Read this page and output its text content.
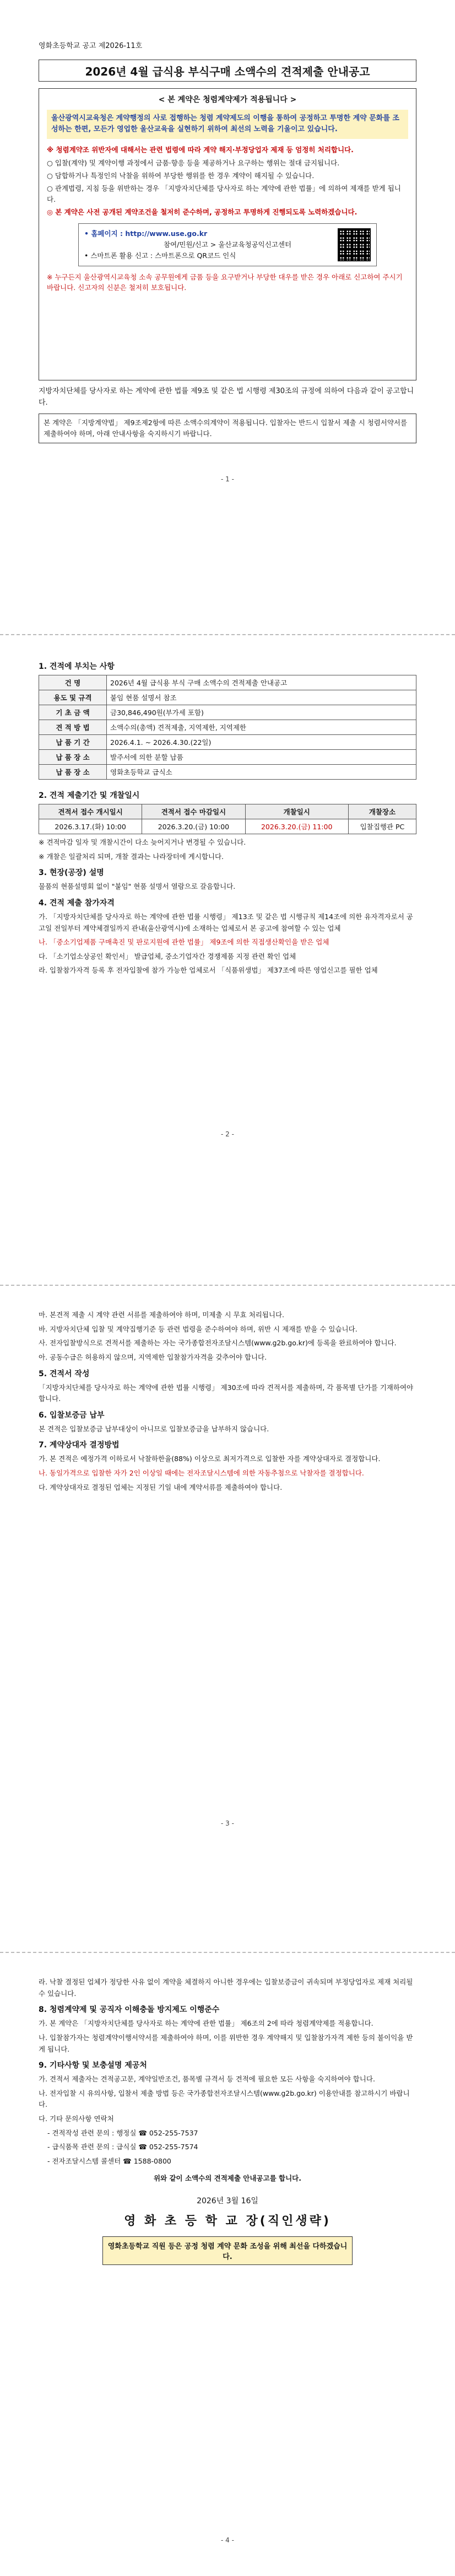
영화초등학교 공고 제2026-11호
2026년 4월 급식용 부식구매 소액수의 견적제출 안내공고
< 본 계약은 청렴계약제가 적용됩니다 >
울산광역시교육청은 계약행정의 사로 접행하는 청렴 계약제도의 이행을 통하여 공정하고 투명한 계약 문화를 조성하는 한편, 모든가 영업한 울산교육을 실현하기 위하여 최선의 노력을 기울이고 있습니다.
※ 청렴계약조 위반자에 대해서는 관련 법령에 따라 계약 해지·부정당업자 제재 등 엄정히 처리합니다.
○ 입찰(계약) 및 계약이행 과정에서 금품·향응 등을 제공하거나 요구하는 행위는 절대 금지됩니다.
○ 담합하거나 특정인의 낙찰을 위하여 부당한 행위를 한 경우 계약이 해지될 수 있습니다.
○ 관계법령, 지침 등을 위반하는 경우 「지방자치단체를 당사자로 하는 계약에 관한 법률」에 의하여 제재를 받게 됩니다.
◎ 본 계약은 사전 공개된 계약조건을 철저히 준수하며, 공정하고 투명하게 진행되도록 노력하겠습니다.
• 홈페이지 : http://www.use.go.kr
참여/민원/신고 > 울산교육청공익신고센터
• 스마트폰 활용 신고 : 스마트폰으로 QR코드 인식
※ 누구든지 울산광역시교육청 소속 공무원에게 금품 등을 요구받거나 부당한 대우를 받은 경우 아래로 신고하여 주시기 바랍니다. 신고자의 신분은 철저히 보호됩니다.
지방자치단체를 당사자로 하는 계약에 관한 법률 제9조 및 같은 법 시행령 제30조의 규정에 의하여 다음과 같이 공고합니다.
본 계약은 「지방계약법」 제9조제2항에 따른 소액수의계약이 적용됩니다. 입찰자는 반드시 입찰서 제출 시 청렴서약서를 제출하여야 하며, 아래 안내사항을 숙지하시기 바랍니다.
- 1 -
1. 견적에 부치는 사항
건 명	2026년 4월 급식용 부식 구매 소액수의 견적제출 안내공고
용도 및 규격	붙임 현품 설명서 참조
기 초 금 액	금30,846,490원(부가세 포함)
견 적 방 법	소액수의(총액) 견적제출, 지역제한, 지역제한
납 품 기 간	2026.4.1. ~ 2026.4.30.(22일)
납 품 장 소	발주서에 의한 분할 납품
납 품 장 소	영화초등학교 급식소
2. 견적 제출기간 및 개찰일시
견적서 접수 개시일시	견적서 접수 마감일시	개찰일시	개찰장소
2026.3.17.(화) 10:00	2026.3.20.(금) 10:00	2026.3.20.(금) 11:00	입찰집행관 PC

※ 견적마감 일자 및 개찰시간이 다소 늦어지거나 변경될 수 있습니다.

※ 개찰은 일괄처리 되며, 개찰 결과는 나라장터에 게시합니다.

3. 현장(공장) 설명

물품의 현품설명회 없이 "붙임" 현품 설명서 열람으로 갈음합니다.

4. 견적 제출 참가자격

가. 「지방자치단체를 당사자로 하는 계약에 관한 법률 시행령」 제13조 및 같은 법 시행규칙 제14조에 의한 유자격자로서 공고일 전일부터 계약체결일까지 관내(울산광역시)에 소재하는 업체로서 본 공고에 참여할 수 있는 업체

나. 「중소기업제품 구매촉진 및 판로지원에 관한 법률」 제9조에 의한 직접생산확인을 받은 업체

다. 「소기업소상공인 확인서」 발급업체, 중소기업자간 경쟁제품 지정 관련 확인 업체

라. 입찰참가자격 등록 후 전자입찰에 참가 가능한 업체로서 「식품위생법」 제37조에 따른 영업신고를 필한 업체

- 2 -

마. 본견적 제출 시 계약 관련 서류를 제출하여야 하며, 미제출 시 무효 처리됩니다.

바. 지방자치단체 입찰 및 계약집행기준 등 관련 법령을 준수하여야 하며, 위반 시 제재를 받을 수 있습니다.

사. 전자입찰방식으로 견적서를 제출하는 자는 국가종합전자조달시스템(www.g2b.go.kr)에 등록을 완료하여야 합니다.

아. 공동수급은 허용하지 않으며, 지역제한 입찰참가자격을 갖추어야 합니다.

5. 견적서 작성

「지방자치단체를 당사자로 하는 계약에 관한 법률 시행령」 제30조에 따라 견적서를 제출하며, 각 품목별 단가를 기재하여야 합니다.

6. 입찰보증금 납부

본 견적은 입찰보증금 납부대상이 아니므로 입찰보증금을 납부하지 않습니다.

7. 계약상대자 결정방법

가. 본 견적은 예정가격 이하로서 낙찰하한율(88%) 이상으로 최저가격으로 입찰한 자를 계약상대자로 결정합니다.

나. 동일가격으로 입찰한 자가 2인 이상일 때에는 전자조달시스템에 의한 자동추첨으로 낙찰자를 결정합니다.

다. 계약상대자로 결정된 업체는 지정된 기일 내에 계약서류를 제출하여야 합니다.

- 3 -

라. 낙찰 결정된 업체가 정당한 사유 없이 계약을 체결하지 아니한 경우에는 입찰보증금이 귀속되며 부정당업자로 제재 처리될 수 있습니다.

8. 청렴계약제 및 공직자 이해충돌 방지제도 이행준수

가. 본 계약은 「지방자치단체를 당사자로 하는 계약에 관한 법률」 제6조의 2에 따라 청렴계약제를 적용합니다.

나. 입찰참가자는 청렴계약이행서약서를 제출하여야 하며, 이를 위반한 경우 계약해지 및 입찰참가자격 제한 등의 불이익을 받게 됩니다.

9. 기타사항 및 보충설명 제공처

가. 견적서 제출자는 견적공고문, 계약일반조건, 품목별 규격서 등 견적에 필요한 모든 사항을 숙지하여야 합니다.

나. 전자입찰 시 유의사항, 입찰서 제출 방법 등은 국가종합전자조달시스템(www.g2b.go.kr) 이용안내를 참고하시기 바랍니다.

다. 기타 문의사항 연락처

- 견적작성 관련 문의 : 행정실 ☎ 052-255-7537

- 급식품목 관련 문의 : 급식실 ☎ 052-255-7574

- 전자조달시스템 콜센터 ☎ 1588-0800

위와 같이 소액수의 견적제출 안내공고를 합니다.

2026년 3월 16일
영 화 초 등 학 교 장(직인생략)
영화초등학교 직원 등은 공정 청렴 계약 문화 조성을 위해 최선을 다하겠습니다.
- 4 -
